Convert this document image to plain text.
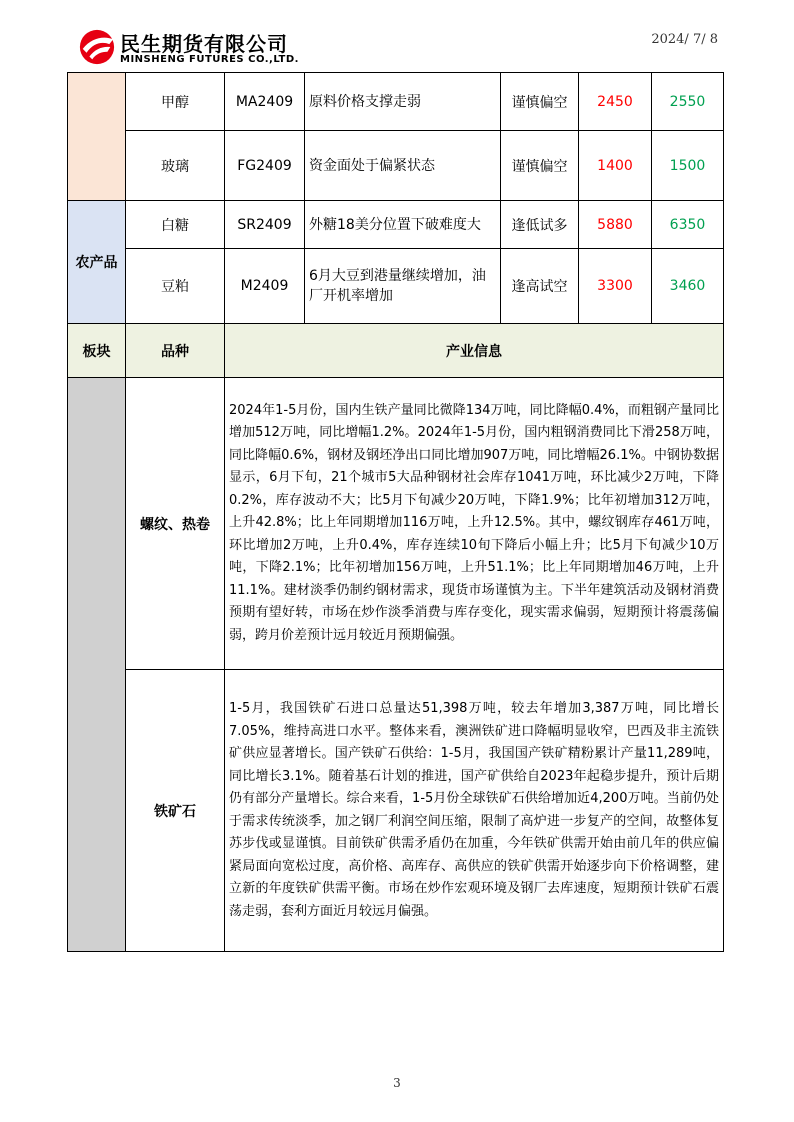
民生期货有限公司
MINSHENG FUTURES CO.,LTD.
2024/ 7/ 8
	甲醇	MA2409	原料价格支撑走弱	谨慎偏空	2450	2550
	玻璃	FG2409	资金面处于偏紧状态	谨慎偏空	1400	1500
农产品	白糖	SR2409	外糖18美分位置下破难度大	逢低试多	5880	6350
	豆粕	M2409	6月大豆到港量继续增加，油厂开机率增加	逢高试空	3300	3460
板块	品种	产业信息				
	螺纹、热卷	2024年1-5月份，国内生铁产量同比微降134万吨，同比降幅0.4%，而粗钢产量同比增加512万吨，同比增幅1.2%。2024年1-5月份，国内粗钢消费同比下滑258万吨，同比降幅0.6%，钢材及钢坯净出口同比增加907万吨，同比增幅26.1%。中钢协数据显示，6月下旬，21个城市5大品种钢材社会库存1041万吨，环比减少2万吨，下降0.2%，库存波动不大；比5月下旬减少20万吨，下降1.9%；比年初增加312万吨，上升42.8%；比上年同期增加116万吨，上升12.5%。其中，螺纹钢库存461万吨，环比增加2万吨，上升0.4%，库存连续10旬下降后小幅上升；比5月下旬减少10万吨，下降2.1%；比年初增加156万吨，上升51.1%；比上年同期增加46万吨，上升11.1%。建材淡季仍制约钢材需求，现货市场谨慎为主。下半年建筑活动及钢材消费预期有望好转，市场在炒作淡季消费与库存变化，现实需求偏弱，短期预计将震荡偏弱，跨月价差预计远月较近月预期偏强。				
	铁矿石	1-5月，我国铁矿石进口总量达51,398万吨，较去年增加3,387万吨，同比增长7.05%，维持高进口水平。整体来看，澳洲铁矿进口降幅明显收窄，巴西及非主流铁矿供应显著增长。国产铁矿石供给：1-5月，我国国产铁矿精粉累计产量11,289吨，同比增长3.1%。随着基石计划的推进，国产矿供给自2023年起稳步提升，预计后期仍有部分产量增长。综合来看，1-5月份全球铁矿石供给增加近4,200万吨。当前仍处于需求传统淡季，加之钢厂利润空间压缩，限制了高炉进一步复产的空间，故整体复苏步伐或显谨慎。目前铁矿供需矛盾仍在加重，今年铁矿供需开始由前几年的供应偏紧局面向宽松过度，高价格、高库存、高供应的铁矿供需开始逐步向下价格调整，建立新的年度铁矿供需平衡。市场在炒作宏观环境及钢厂去库速度，短期预计铁矿石震荡走弱，套利方面近月较远月偏强。				
3
